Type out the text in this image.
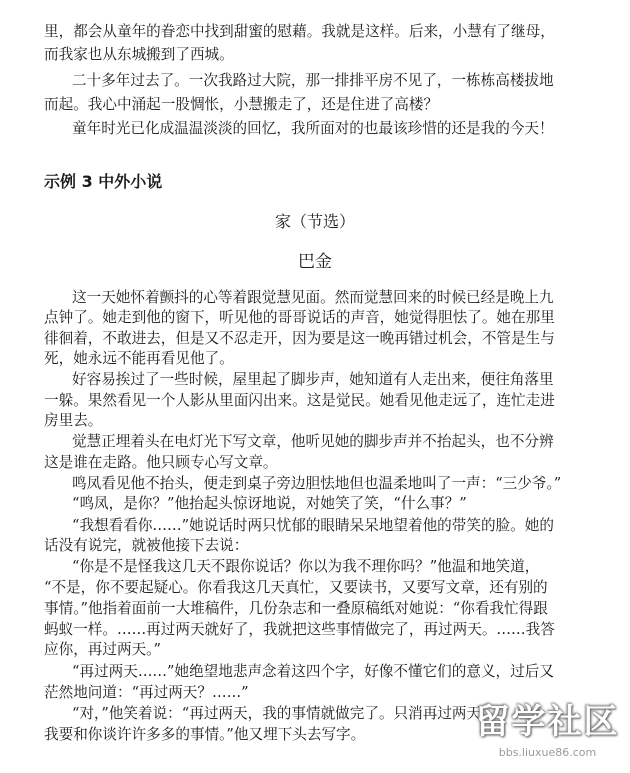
里，都会从童年的眷恋中找到甜蜜的慰藉。我就是这样。后来，小慧有了继母，
而我家也从东城搬到了西城。
二十多年过去了。一次我路过大院，那一排排平房不见了，一栋栋高楼拔地
而起。我心中涌起一股惆怅，小慧搬走了，还是住进了高楼？
童年时光已化成温温淡淡的回忆，我所面对的也最该珍惜的还是我的今天！
示例 3 中外小说
家（节选）
巴金
这一天她怀着颤抖的心等着跟觉慧见面。然而觉慧回来的时候已经是晚上九
点钟了。她走到他的窗下，听见他的哥哥说话的声音，她觉得胆怯了。她在那里
徘徊着，不敢进去，但是又不忍走开，因为要是这一晚再错过机会，不管是生与
死，她永远不能再看见他了。
好容易挨过了一些时候，屋里起了脚步声，她知道有人走出来，便往角落里
一躲。果然看见一个人影从里面闪出来。这是觉民。她看见他走远了，连忙走进
房里去。
觉慧正埋着头在电灯光下写文章，他听见她的脚步声并不抬起头，也不分辨
这是谁在走路。他只顾专心写文章。
鸣凤看见他不抬头，便走到桌子旁边胆怯地但也温柔地叫了一声：“三少爷。”
“鸣凤，是你？”他抬起头惊讶地说，对她笑了笑，“什么事？”
“我想看看你……”她说话时两只忧郁的眼睛呆呆地望着他的带笑的脸。她的
话没有说完，就被他接下去说：
“你是不是怪我这几天不跟你说话？你以为我不理你吗？”他温和地笑道，
“不是，你不要起疑心。你看我这几天真忙，又要读书，又要写文章，还有别的
事情。”他指着面前一大堆稿件，几份杂志和一叠原稿纸对她说：“你看我忙得跟
蚂蚁一样。……再过两天就好了，我就把这些事情做完了，再过两天。……我答
应你，再过两天。”
“再过两天……”她绝望地悲声念着这四个字，好像不懂它们的意义，过后又
茫然地问道：“再过两天？……”
“对，”他笑着说：“再过两天，我的事情就做完了。只消再过两天，
我要和你谈许许多多的事情。”他又埋下头去写字。	留学社区
bbs.liuxue86.com
